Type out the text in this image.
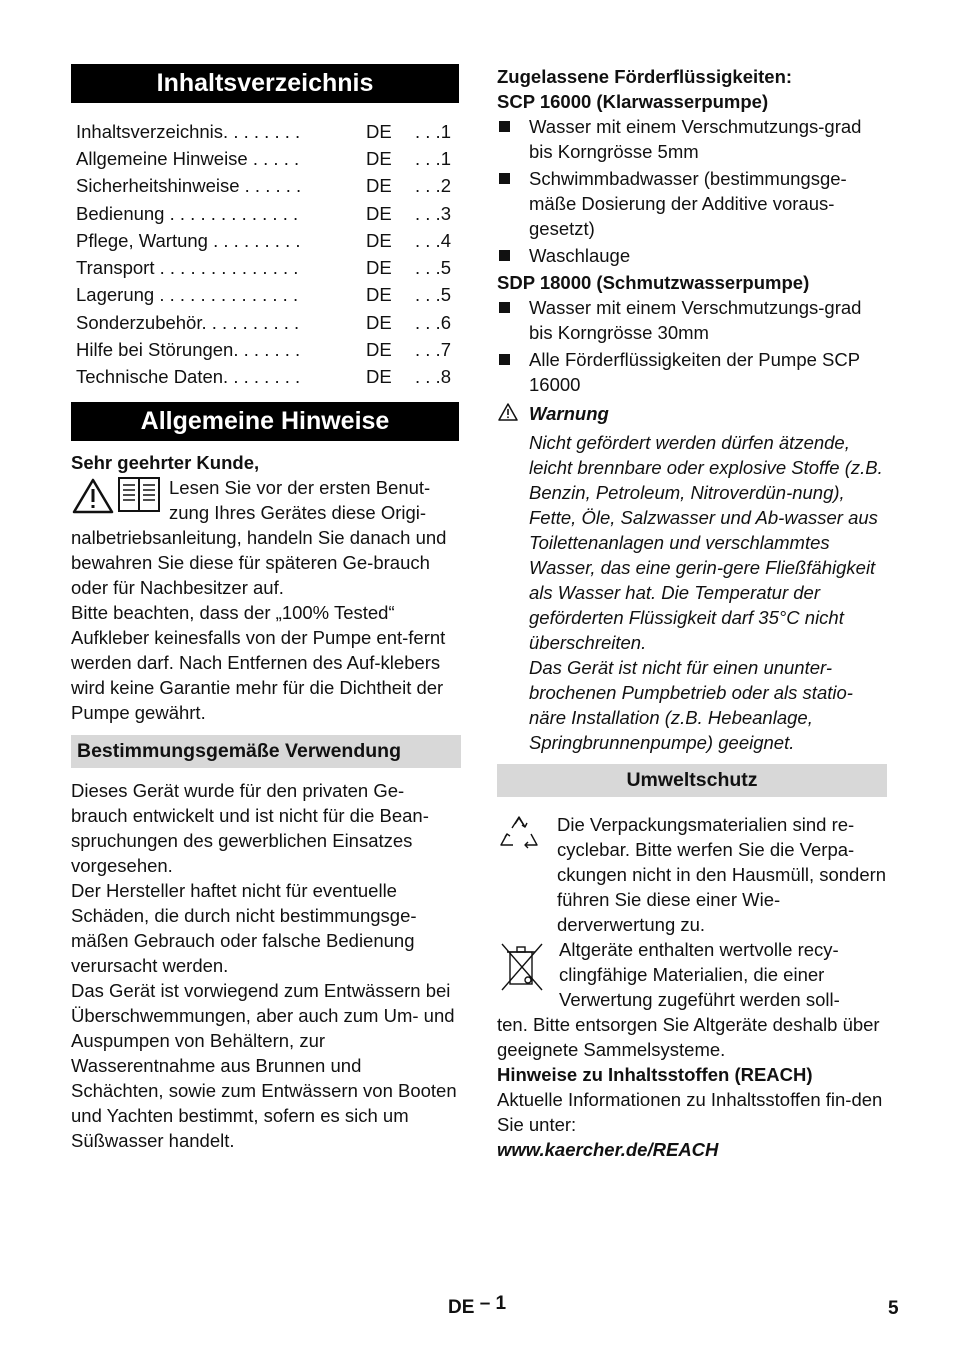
Inhaltsverzeichnis
Inhaltsverzeichnis. . . . . . . .	DE	. . .1
Allgemeine Hinweise . . . . .	DE	. . .1
Sicherheitshinweise . . . . . .	DE	. . .2
Bedienung . . . . . . . . . . . . .	DE	. . .3
Pflege, Wartung . . . . . . . . .	DE	. . .4
Transport . . . . . . . . . . . . . .	DE	. . .5
Lagerung . . . . . . . . . . . . . .	DE	. . .5
Sonderzubehör. . . . . . . . . .	DE	. . .6
Hilfe bei Störungen. . . . . . .	DE	. . .7
Technische Daten. . . . . . . .	DE	. . .8
Allgemeine Hinweise

Sehr geehrter Kunde,

Lesen Sie vor der ersten Benut-

zung Ihres Gerätes diese Origi-

nalbetriebsanleitung, handeln Sie danach und bewahren Sie diese für späteren Ge-brauch oder für Nachbesitzer auf.

Bitte beachten, dass der „100% Tested“ Aufkleber keinesfalls von der Pumpe ent-fernt werden darf. Nach Entfernen des Auf-klebers wird keine Garantie mehr für die Dichtheit der Pumpe gewährt.

Bestimmungsgemäße Verwendung

Dieses Gerät wurde für den privaten Ge-brauch entwickelt und ist nicht für die Bean-spruchungen des gewerblichen Einsatzes vorgesehen.

Der Hersteller haftet nicht für eventuelle Schäden, die durch nicht bestimmungsge-mäßen Gebrauch oder falsche Bedienung verursacht werden.

Das Gerät ist vorwiegend zum Entwässern bei Überschwemmungen, aber auch zum Um- und Auspumpen von Behältern, zur Wasserentnahme aus Brunnen und Schächten, sowie zum Entwässern von Booten und Yachten bestimmt, sofern es sich um Süßwasser handelt.

Zugelassene Förderflüssigkeiten:

SCP 16000 (Klarwasserpumpe)

Wasser mit einem Verschmutzungs-grad bis Korngrösse 5mm
Schwimmbadwasser (bestimmungsge-mäße Dosierung der Additive voraus-gesetzt)
Waschlauge

SDP 18000 (Schmutzwasserpumpe)

Wasser mit einem Verschmutzungs-grad bis Korngrösse 30mm
Alle Förderflüssigkeiten der Pumpe SCP 16000

Warnung

Nicht gefördert werden dürfen ätzende, leicht brennbare oder explosive Stoffe (z.B. Benzin, Petroleum, Nitroverdün-nung), Fette, Öle, Salzwasser und Ab-wasser aus Toilettenanlagen und verschlammtes Wasser, das eine gerin-gere Fließfähigkeit als Wasser hat. Die Temperatur der geförderten Flüssigkeit darf 35°C nicht überschreiten.

Das Gerät ist nicht für einen ununter-brochenen Pumpbetrieb oder als statio-näre Installation (z.B. Hebeanlage, Springbrunnenpumpe) geeignet.

Umweltschutz

Die Verpackungsmaterialien sind re-cyclebar. Bitte werfen Sie die Verpa-ckungen nicht in den Hausmüll, sondern führen Sie diese einer Wie-derverwertung zu.

Altgeräte enthalten wertvolle recy-clingfähige Materialien, die einer Verwertung zugeführt werden soll-

ten. Bitte entsorgen Sie Altgeräte deshalb über geeignete Sammelsysteme.

Hinweise zu Inhaltsstoffen (REACH)

Aktuelle Informationen zu Inhaltsstoffen fin-den Sie unter:

www.kaercher.de/REACH

DE – 1	5
